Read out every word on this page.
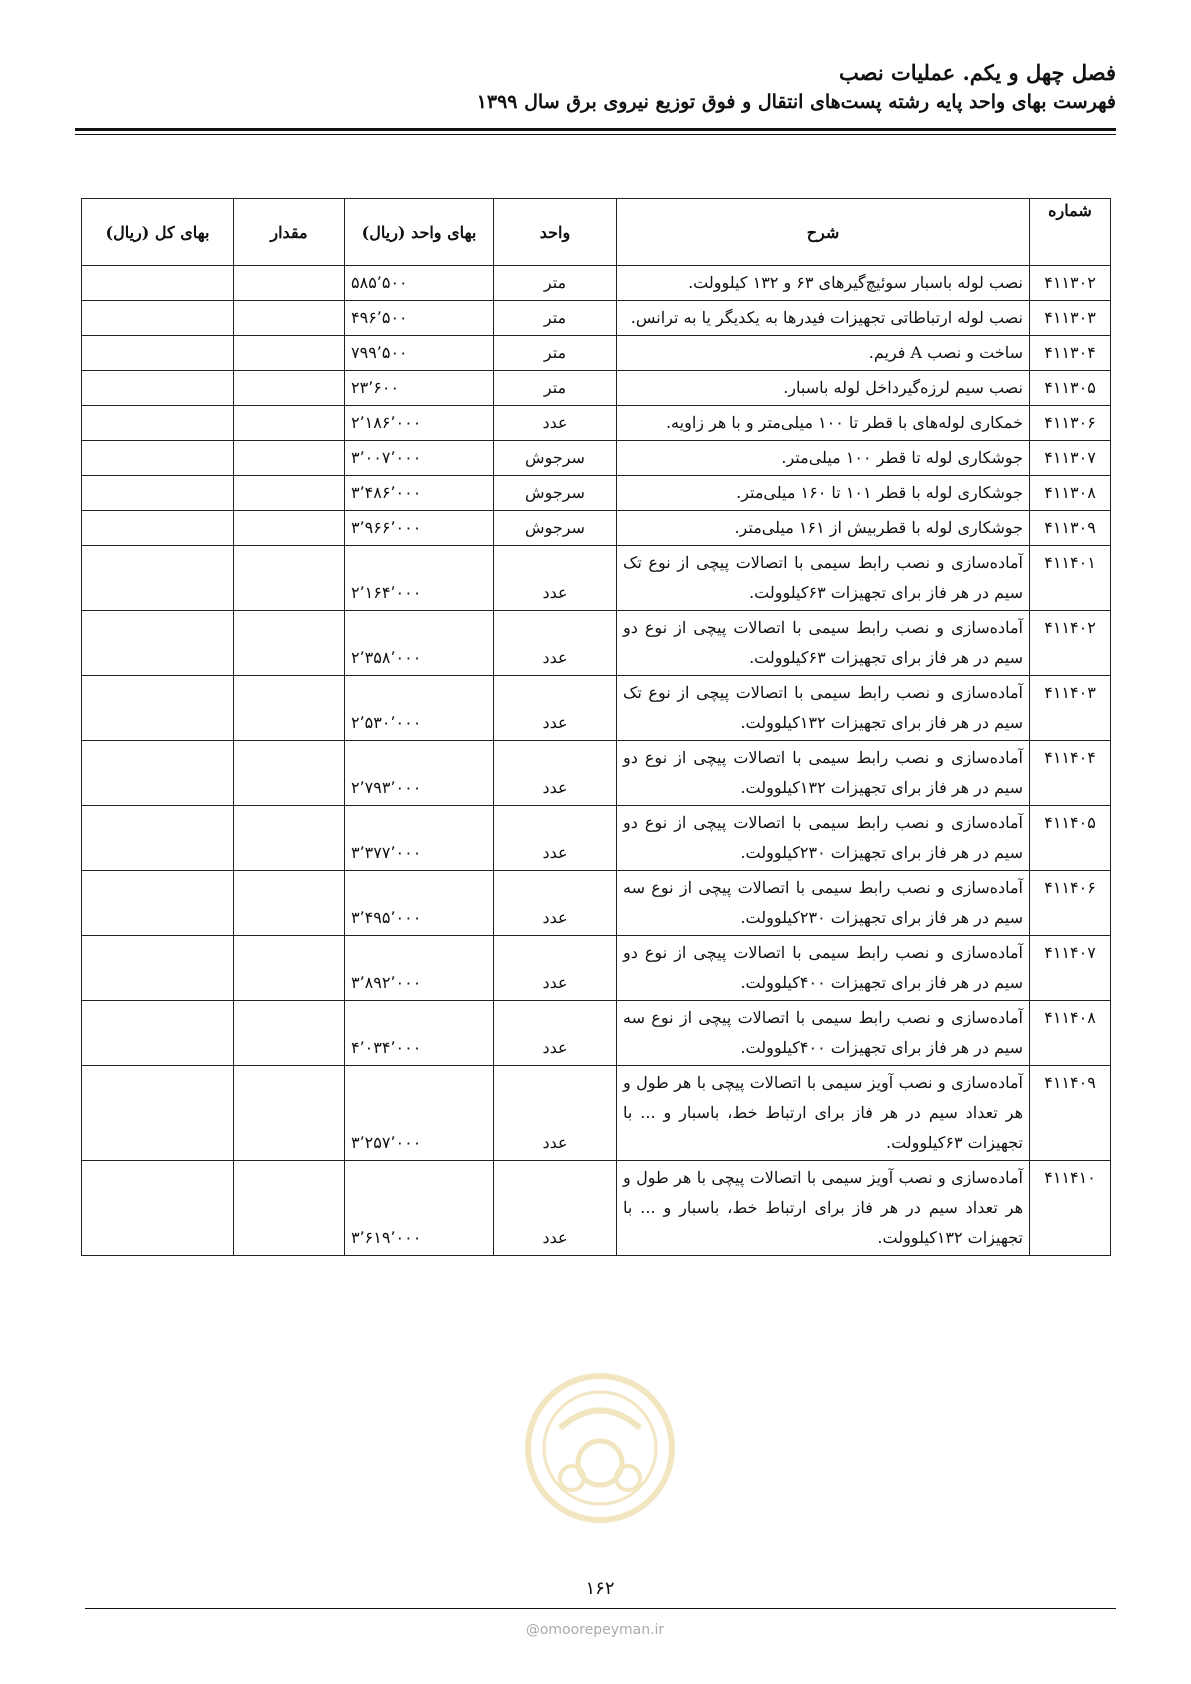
فصل چهل و یکم. عملیات نصب
فهرست بهای واحد پایه رشته پست‌های انتقال و فوق توزیع نیروی برق سال ۱۳۹۹
شماره	شرح	واحد	بهای واحد (ریال)	مقدار	بهای کل (ریال)
۴۱۱۳۰۲	نصب لوله باسبار سوئیچ‌گیرهای ۶۳ و ۱۳۲ کیلوولت.	متر	۵۸۵٬۵۰۰		
۴۱۱۳۰۳	نصب لوله ارتباطاتی تجهیزات فیدرها به یکدیگر یا به ترانس.	متر	۴۹۶٬۵۰۰		
۴۱۱۳۰۴	ساخت و نصب A فریم.	متر	۷۹۹٬۵۰۰		
۴۱۱۳۰۵	نصب سیم لرزه‌گیرداخل لوله باسبار.	متر	۲۳٬۶۰۰		
۴۱۱۳۰۶	خمکاری لوله‌های با قطر تا ۱۰۰ میلی‌متر و با هر زاویه.	عدد	۲٬۱۸۶٬۰۰۰		
۴۱۱۳۰۷	جوشکاری لوله تا قطر ۱۰۰ میلی‌متر.	سرجوش	۳٬۰۰۷٬۰۰۰		
۴۱۱۳۰۸	جوشکاری لوله با قطر ۱۰۱ تا ۱۶۰ میلی‌متر.	سرجوش	۳٬۴۸۶٬۰۰۰		
۴۱۱۳۰۹	جوشکاری لوله با قطربیش از ۱۶۱ میلی‌متر.	سرجوش	۳٬۹۶۶٬۰۰۰		
۴۱۱۴۰۱	آماده‌سازی و نصب رابط سیمی با اتصالات پیچی از نوع تک سیم در هر فاز برای تجهیزات ۶۳کیلوولت.	عدد	۲٬۱۶۴٬۰۰۰		
۴۱۱۴۰۲	آماده‌سازی و نصب رابط سیمی با اتصالات پیچی از نوع دو سیم در هر فاز برای تجهیزات ۶۳کیلوولت.	عدد	۲٬۳۵۸٬۰۰۰		
۴۱۱۴۰۳	آماده‌سازی و نصب رابط سیمی با اتصالات پیچی از نوع تک سیم در هر فاز برای تجهیزات ۱۳۲کیلوولت.	عدد	۲٬۵۳۰٬۰۰۰		
۴۱۱۴۰۴	آماده‌سازی و نصب رابط سیمی با اتصالات پیچی از نوع دو سیم در هر فاز برای تجهیزات ۱۳۲کیلوولت.	عدد	۲٬۷۹۳٬۰۰۰		
۴۱۱۴۰۵	آماده‌سازی و نصب رابط سیمی با اتصالات پیچی از نوع دو سیم در هر فاز برای تجهیزات ۲۳۰کیلوولت.	عدد	۳٬۳۷۷٬۰۰۰		
۴۱۱۴۰۶	آماده‌سازی و نصب رابط سیمی با اتصالات پیچی از نوع سه سیم در هر فاز برای تجهیزات ۲۳۰کیلوولت.	عدد	۳٬۴۹۵٬۰۰۰		
۴۱۱۴۰۷	آماده‌سازی و نصب رابط سیمی با اتصالات پیچی از نوع دو سیم در هر فاز برای تجهیزات ۴۰۰کیلوولت.	عدد	۳٬۸۹۲٬۰۰۰		
۴۱۱۴۰۸	آماده‌سازی و نصب رابط سیمی با اتصالات پیچی از نوع سه سیم در هر فاز برای تجهیزات ۴۰۰کیلوولت.	عدد	۴٬۰۳۴٬۰۰۰		
۴۱۱۴۰۹	آماده‌سازی و نصب آویز سیمی با اتصالات پیچی با هر طول و هر تعداد سیم در هر فاز برای ارتباط خط، باسبار و ... با تجهیزات ۶۳کیلوولت.	عدد	۳٬۲۵۷٬۰۰۰		
۴۱۱۴۱۰	آماده‌سازی و نصب آویز سیمی با اتصالات پیچی با هر طول و هر تعداد سیم در هر فاز برای ارتباط خط، باسبار و ... با تجهیزات ۱۳۲کیلوولت.	عدد	۳٬۶۱۹٬۰۰۰		
۱۶۲
@omoorepeyman.ir
